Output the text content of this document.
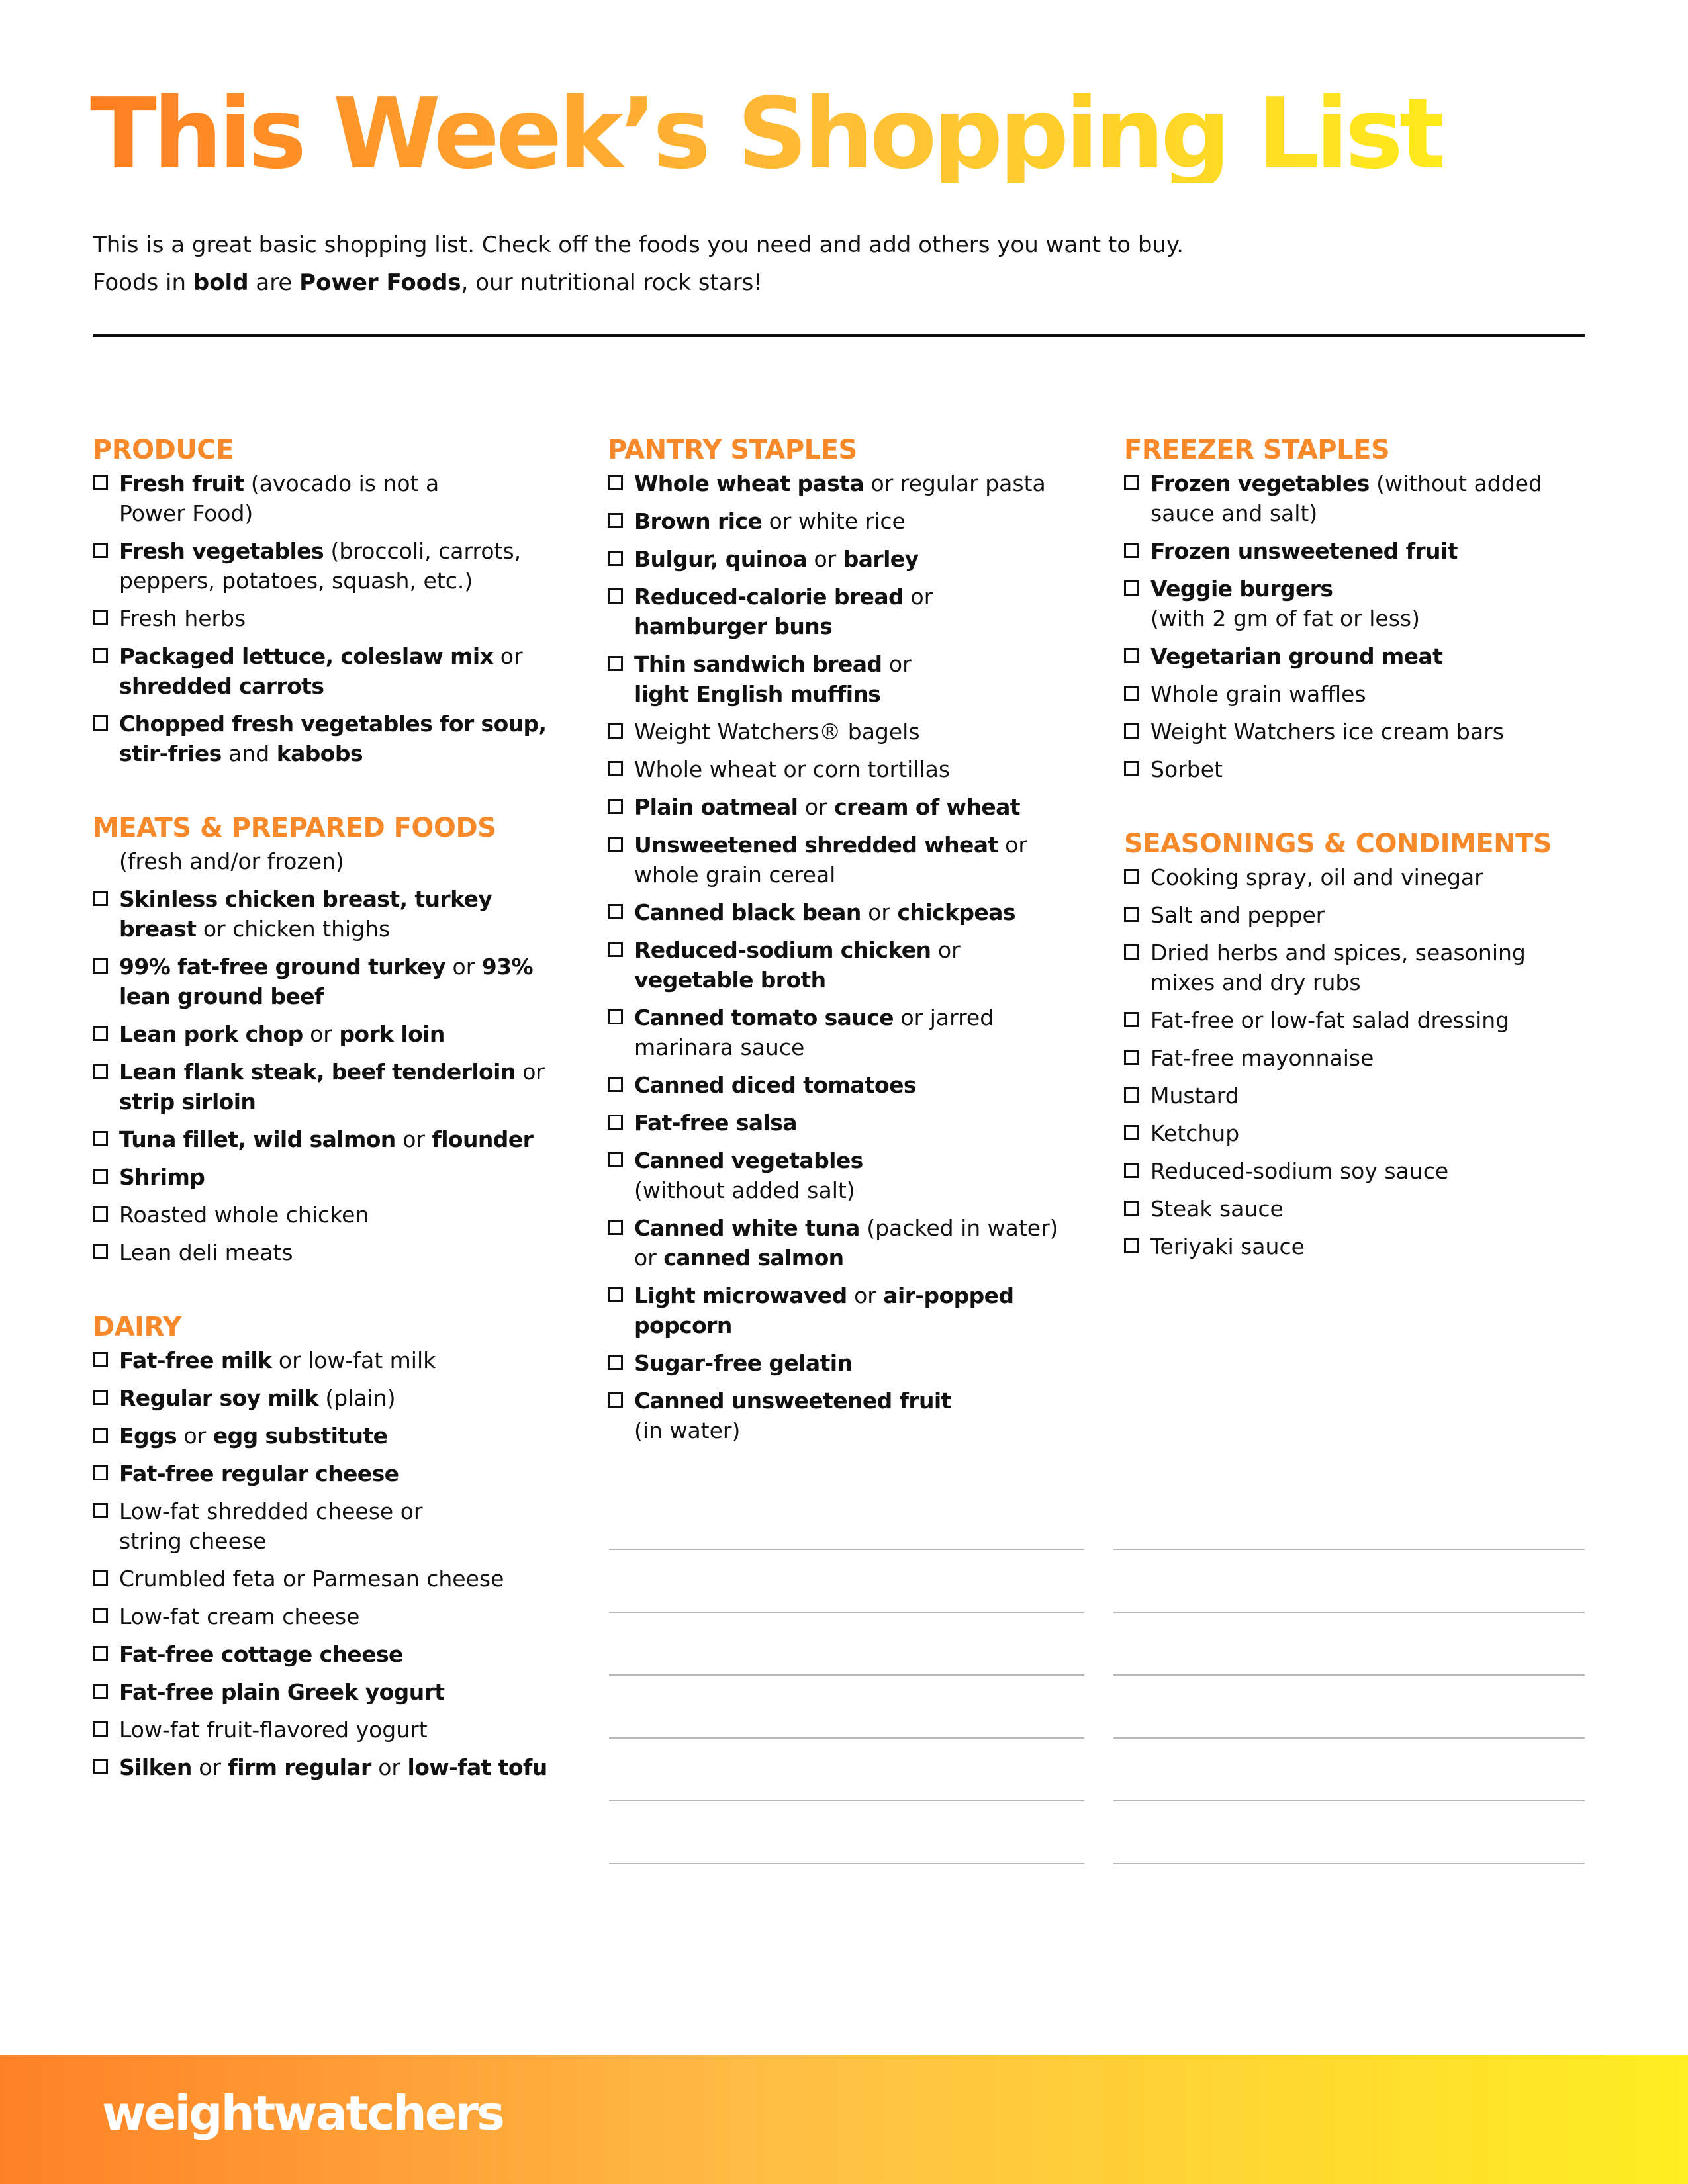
This Week’s Shopping List
This is a great basic shopping list. Check off the foods you need and add others you want to buy.
Foods in bold are Power Foods, our nutritional rock stars!
PRODUCE
Fresh fruit (avocado is not a
Power Food)
Fresh vegetables (broccoli, carrots,
peppers, potatoes, squash, etc.)
Fresh herbs
Packaged lettuce, coleslaw mix or
shredded carrots
Chopped fresh vegetables for soup,
stir-fries and kabobs
MEATS & PREPARED FOODS
(fresh and/or frozen)
Skinless chicken breast, turkey
breast or chicken thighs
99% fat-free ground turkey or 93%
lean ground beef
Lean pork chop or pork loin
Lean flank steak, beef tenderloin or
strip sirloin
Tuna fillet, wild salmon or flounder
Shrimp
Roasted whole chicken
Lean deli meats
DAIRY
Fat-free milk or low-fat milk
Regular soy milk (plain)
Eggs or egg substitute
Fat-free regular cheese
Low-fat shredded cheese or
string cheese
Crumbled feta or Parmesan cheese
Low-fat cream cheese
Fat-free cottage cheese
Fat-free plain Greek yogurt
Low-fat fruit-flavored yogurt
Silken or firm regular or low-fat tofu
PANTRY STAPLES
Whole wheat pasta or regular pasta
Brown rice or white rice
Bulgur, quinoa or barley
Reduced-calorie bread or
hamburger buns
Thin sandwich bread or
light English muffins
Weight Watchers® bagels
Whole wheat or corn tortillas
Plain oatmeal or cream of wheat
Unsweetened shredded wheat or
whole grain cereal
Canned black bean or chickpeas
Reduced-sodium chicken or
vegetable broth
Canned tomato sauce or jarred
marinara sauce
Canned diced tomatoes
Fat-free salsa
Canned vegetables
(without added salt)
Canned white tuna (packed in water)
or canned salmon
Light microwaved or air-popped
popcorn
Sugar-free gelatin
Canned unsweetened fruit
(in water)
FREEZER STAPLES
Frozen vegetables (without added
sauce and salt)
Frozen unsweetened fruit
Veggie burgers
(with 2 gm of fat or less)
Vegetarian ground meat
Whole grain waffles
Weight Watchers ice cream bars
Sorbet
SEASONINGS & CONDIMENTS
Cooking spray, oil and vinegar
Salt and pepper
Dried herbs and spices, seasoning
mixes and dry rubs
Fat-free or low-fat salad dressing
Fat-free mayonnaise
Mustard
Ketchup
Reduced-sodium soy sauce
Steak sauce
Teriyaki sauce
weightwatchers
